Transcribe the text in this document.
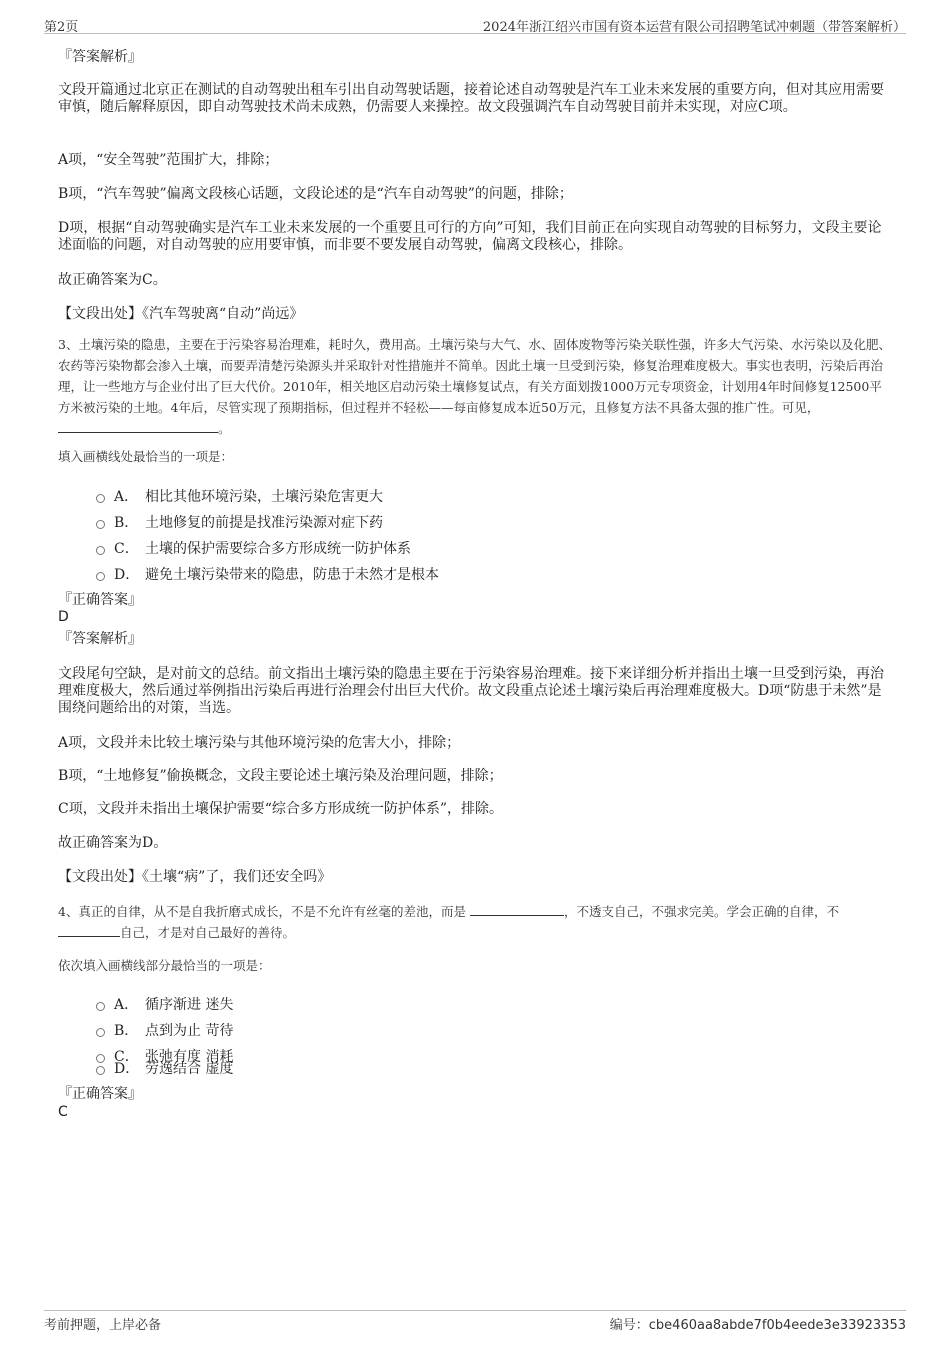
第2页	2024年浙江绍兴市国有资本运营有限公司招聘笔试冲刺题（带答案解析）
『答案解析』
文段开篇通过北京正在测试的自动驾驶出租车引出自动驾驶话题，接着论述自动驾驶是汽车工业未来发展的重要方向，但对其应用需要审慎，随后解释原因，即自动驾驶技术尚未成熟，仍需要人来操控。故文段强调汽车自动驾驶目前并未实现，对应C项。
A项，“安全驾驶”范围扩大，排除；
B项，“汽车驾驶”偏离文段核心话题，文段论述的是“汽车自动驾驶”的问题，排除；
D项，根据“自动驾驶确实是汽车工业未来发展的一个重要且可行的方向”可知，我们目前正在向实现自动驾驶的目标努力，文段主要论述面临的问题，对自动驾驶的应用要审慎，而非要不要发展自动驾驶，偏离文段核心，排除。
故正确答案为C。
【文段出处】《汽车驾驶离“自动”尚远》
3、土壤污染的隐患，主要在于污染容易治理难，耗时久，费用高。土壤污染与大气、水、固体废物等污染关联性强，许多大气污染、水污染以及化肥、农药等污染物都会渗入土壤，而要弄清楚污染源头并采取针对性措施并不简单。因此土壤一旦受到污染，修复治理难度极大。事实也表明，污染后再治理，让一些地方与企业付出了巨大代价。2010年，相关地区启动污染土壤修复试点，有关方面划拨1000万元专项资金，计划用4年时间修复12500平方米被污染的土地。4年后，尽管实现了预期指标，但过程并不轻松——每亩修复成本近50万元，且修复方法不具备太强的推广性。可见，。
填入画横线处最恰当的一项是：
A． 相比其他环境污染，土壤污染危害更大
B． 土地修复的前提是找准污染源对症下药
C． 土壤的保护需要综合多方形成统一防护体系
D． 避免土壤污染带来的隐患，防患于未然才是根本
『正确答案』
D
『答案解析』
文段尾句空缺，是对前文的总结。前文指出土壤污染的隐患主要在于污染容易治理难。接下来详细分析并指出土壤一旦受到污染，再治理难度极大，然后通过举例指出污染后再进行治理会付出巨大代价。故文段重点论述土壤污染后再治理难度极大。D项“防患于未然”是围绕问题给出的对策，当选。
A项，文段并未比较土壤污染与其他环境污染的危害大小，排除；
B项，“土地修复”偷换概念，文段主要论述土壤污染及治理问题，排除；
C项，文段并未指出土壤保护需要“综合多方形成统一防护体系”，排除。
故正确答案为D。
【文段出处】《土壤“病”了，我们还安全吗》
4、真正的自律，从不是自我折磨式成长，不是不允许有丝毫的差池，而是	，不透支自己，不强求完美。学会正确的自律，不自己，才是对自己最好的善待。
依次填入画横线部分最恰当的一项是：
A． 循序渐进 迷失
B． 点到为止 苛待
C． 张弛有度 消耗
D． 劳逸结合 虚度
『正确答案』
C
考前押题，上岸必备	编号：cbe460aa8abde7f0b4eede3e33923353
